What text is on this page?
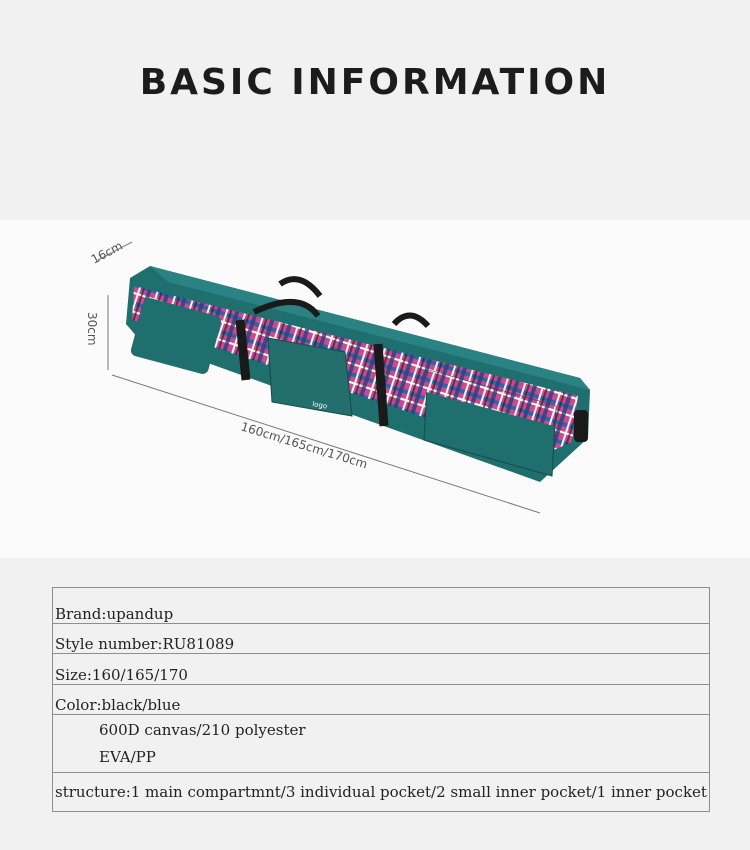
BASIC INFORMATION
16cm
30cm
160cm/165cm/170cm
logo
Brand:upandup
Style number:RU81089
Size:160/165/170
Color:black/blue

600D canvas/210 polyester
EVA/PP

structure:1 main compartmnt/3 individual pocket/2 small inner pocket/1 inner pocket
